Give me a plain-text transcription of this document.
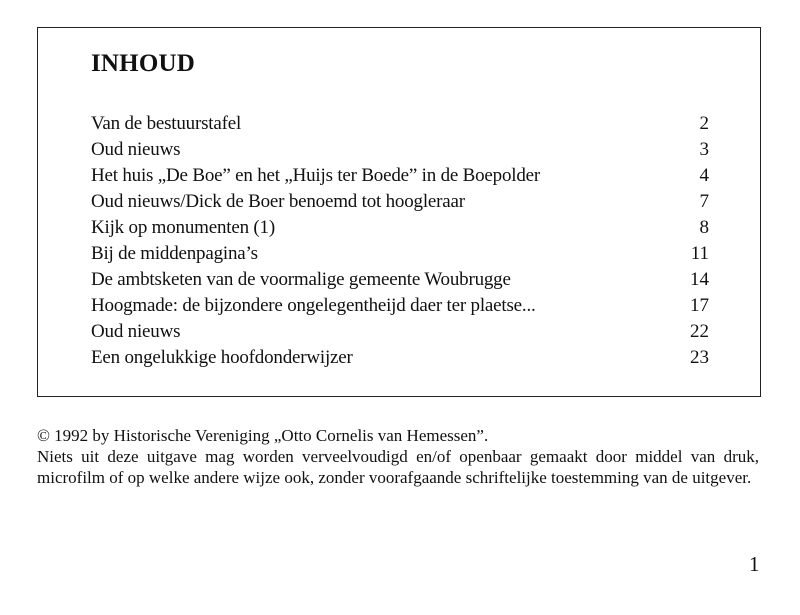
INHOUD
Van de bestuurstafel	2
Oud nieuws	3
Het huis „De Boe” en het „Huijs ter Boede” in de Boepolder	4
Oud nieuws/Dick de Boer benoemd tot hoogleraar	7
Kijk op monumenten (1)	8
Bij de middenpagina’s	11
De ambtsketen van de voormalige gemeente Woubrugge	14
Hoogmade: de bijzondere ongelegentheijd daer ter plaetse...	17
Oud nieuws	22
Een ongelukkige hoofdonderwijzer	23

© 1992 by Historische Vereniging „Otto Cornelis van Hemessen”.

Niets uit deze uitgave mag worden verveelvoudigd en/of openbaar gemaakt door middel van druk, microfilm of op welke andere wijze ook, zonder voorafgaande schriftelijke toestemming van de uitgever.

1
